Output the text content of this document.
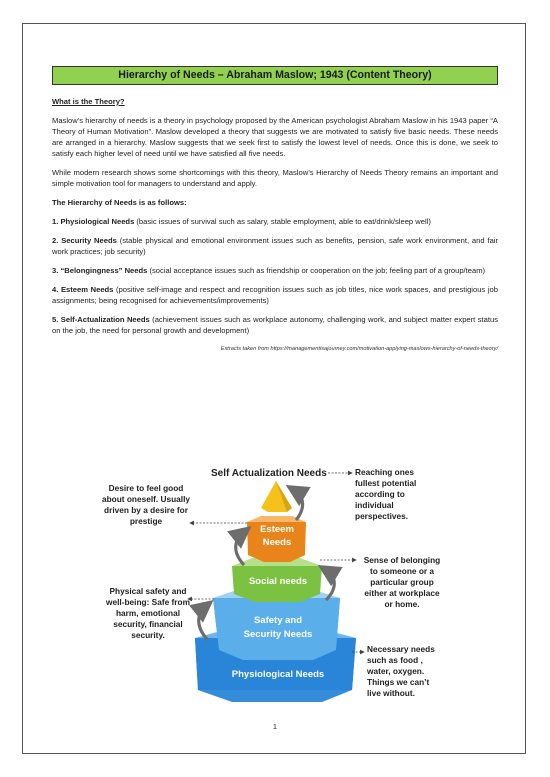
Hierarchy of Needs – Abraham Maslow; 1943 (Content Theory)
What is the Theory?

Maslow’s hierarchy of needs is a theory in psychology proposed by the American psychologist Abraham Maslow in his 1943 paper “A Theory of Human Motivation”. Maslow developed a theory that suggests we are motivated to satisfy five basic needs. These needs are arranged in a hierarchy. Maslow suggests that we seek first to satisfy the lowest level of needs. Once this is done, we seek to satisfy each higher level of need until we have satisfied all five needs.

While modern research shows some shortcomings with this theory, Maslow’s Hierarchy of Needs Theory remains an important and simple motivation tool for managers to understand and apply.

The Hierarchy of Needs is as follows:
1. Physiological Needs (basic issues of survival such as salary, stable employment, able to eat/drink/sleep well)
2. Security Needs (stable physical and emotional environment issues such as benefits, pension, safe work environment, and fair work practices; job security)
3. “Belongingness” Needs (social acceptance issues such as friendship or cooperation on the job; feeling part of a group/team)
4. Esteem Needs (positive self-image and respect and recognition issues such as job titles, nice work spaces, and prestigious job assignments; being recognised for achievements/improvements)
5. Self-Actualization Needs (achievement issues such as workplace autonomy, challenging work, and subject matter expert status on the job, the need for personal growth and development)
Extracts taken from https://managementisajourney.com/motivation-applying-maslows-hierarchy-of-needs-theory/
Esteem
Needs
Social needs
Safety and
Security Needs
Physiological Needs
Self Actualization Needs	Reaching ones
fullest potential
according to
individual
perspectives.
Desire to feel good
about oneself. Usually
driven by a desire for
prestige
Sense of belonging
to someone or a
particular group
either at workplace
or home.
Physical safety and
well-being: Safe from
harm, emotional
security, financial
security.
Necessary needs
such as food ,
water, oxygen.
Things we can’t
live without.
1
